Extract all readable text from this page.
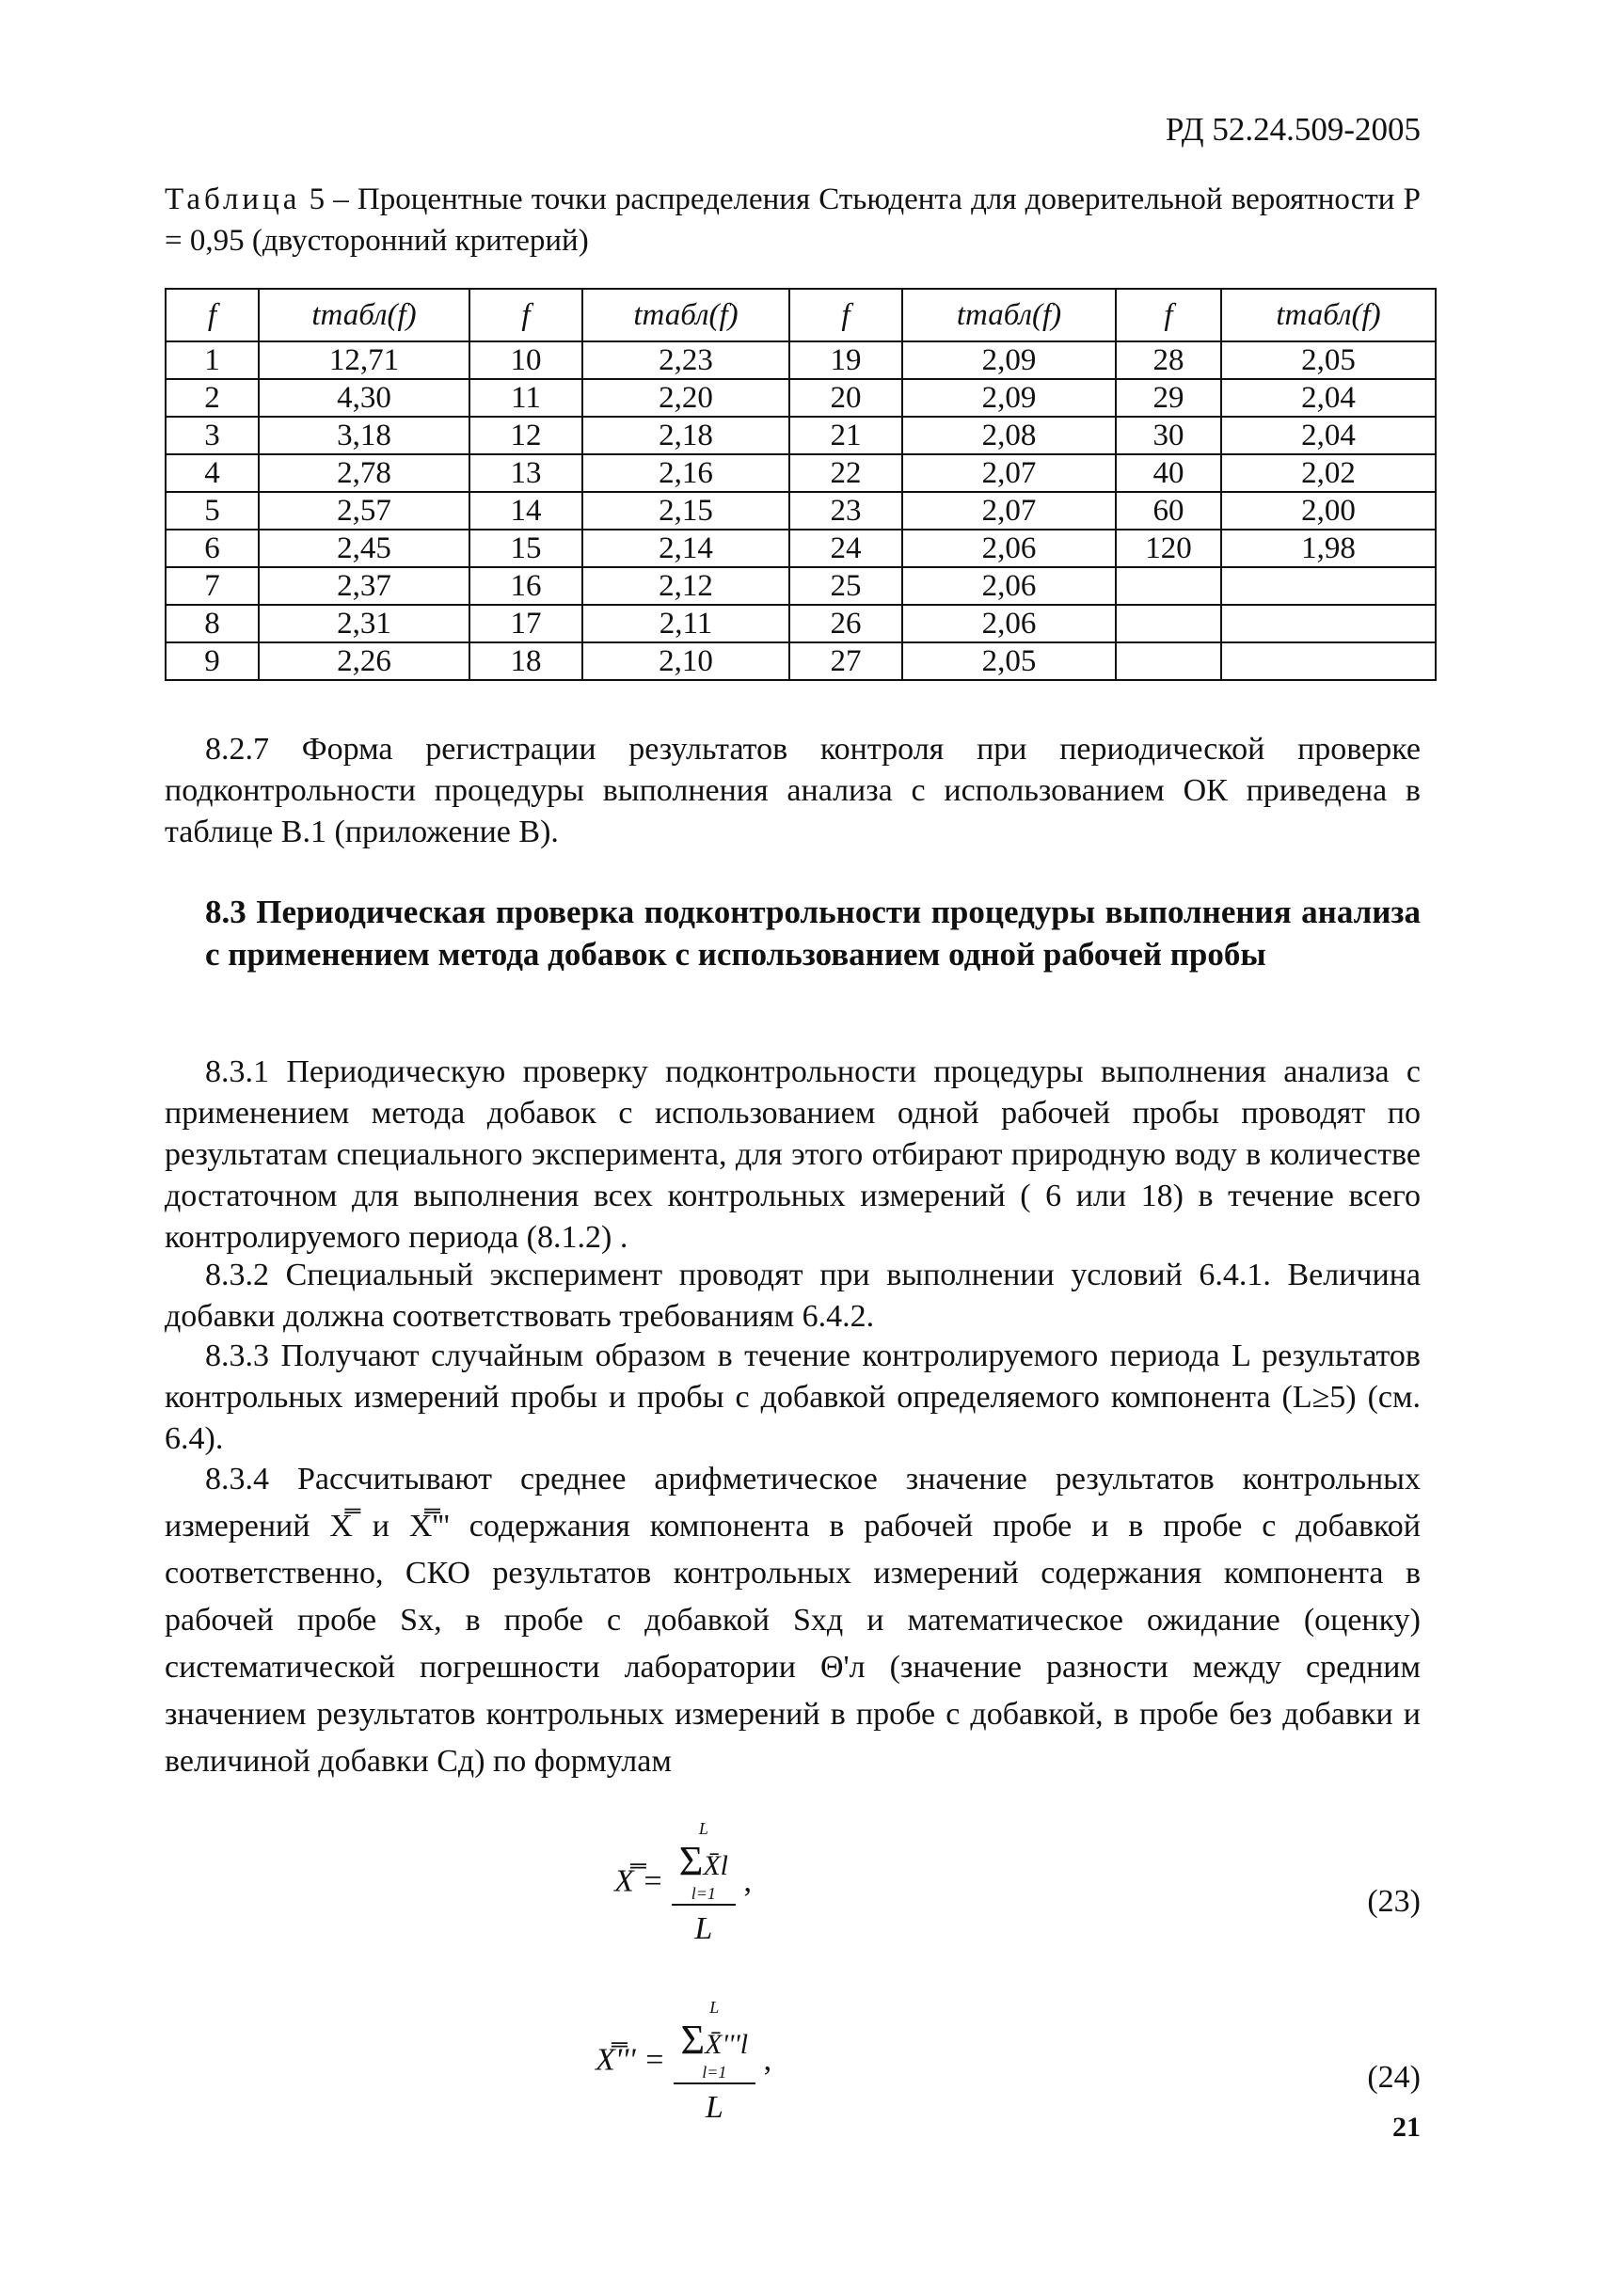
РД 52.24.509-2005
Таблица 5 – Процентные точки распределения Стьюдента для доверительной вероятности Р = 0,95 (двусторонний критерий)
f	tтабл(f)	f	tтабл(f)	f	tтабл(f)	f	tтабл(f)
1	12,71	10	2,23	19	2,09	28	2,05
2	4,30	11	2,20	20	2,09	29	2,04
3	3,18	12	2,18	21	2,08	30	2,04
4	2,78	13	2,16	22	2,07	40	2,02
5	2,57	14	2,15	23	2,07	60	2,00
6	2,45	15	2,14	24	2,06	120	1,98
7	2,37	16	2,12	25	2,06		
8	2,31	17	2,11	26	2,06		
9	2,26	18	2,10	27	2,05		

8.2.7 Форма регистрации результатов контроля при периодической проверке подконтрольности процедуры выполнения анализа с использованием ОК приведена в таблице В.1 (приложение В).

8.3 Периодическая проверка подконтрольности процедуры выполнения анализа с применением метода добавок с использованием одной рабочей пробы

8.3.1 Периодическую проверку подконтрольности процедуры выполнения анализа с применением метода добавок с использованием одной рабочей пробы проводят по результатам специального эксперимента, для этого отбирают природную воду в количестве достаточном для выполнения всех контрольных измерений ( 6 или 18) в течение всего контролируемого периода (8.1.2) .

8.3.2 Специальный эксперимент проводят при выполнении условий 6.4.1. Величина добавки должна соответствовать требованиям 6.4.2.

8.3.3 Получают случайным образом в течение контролируемого периода L результатов контрольных измерений пробы и пробы с добавкой определяемого компонента (L≥5) (см. 6.4).

8.3.4 Рассчитывают среднее арифметическое значение результатов контрольных измерений X̿ и X̿''' содержания компонента в рабочей пробе и в пробе с добавкой соответственно, СКО результатов контрольных измерений содержания компонента в рабочей пробе Sx, в пробе с добавкой Sxд и математическое ожидание (оценку) систематической погрешности лаборатории Θ'л (значение разности между средним значением результатов контрольных измерений в пробе с добавкой, в пробе без добавки и величиной добавки Cд) по формулам

X̿ = L
ΣX̄l
l=1
L ,
(23)
X̿''' = L
ΣX̄'''l
l=1
L ,
(24)
21
